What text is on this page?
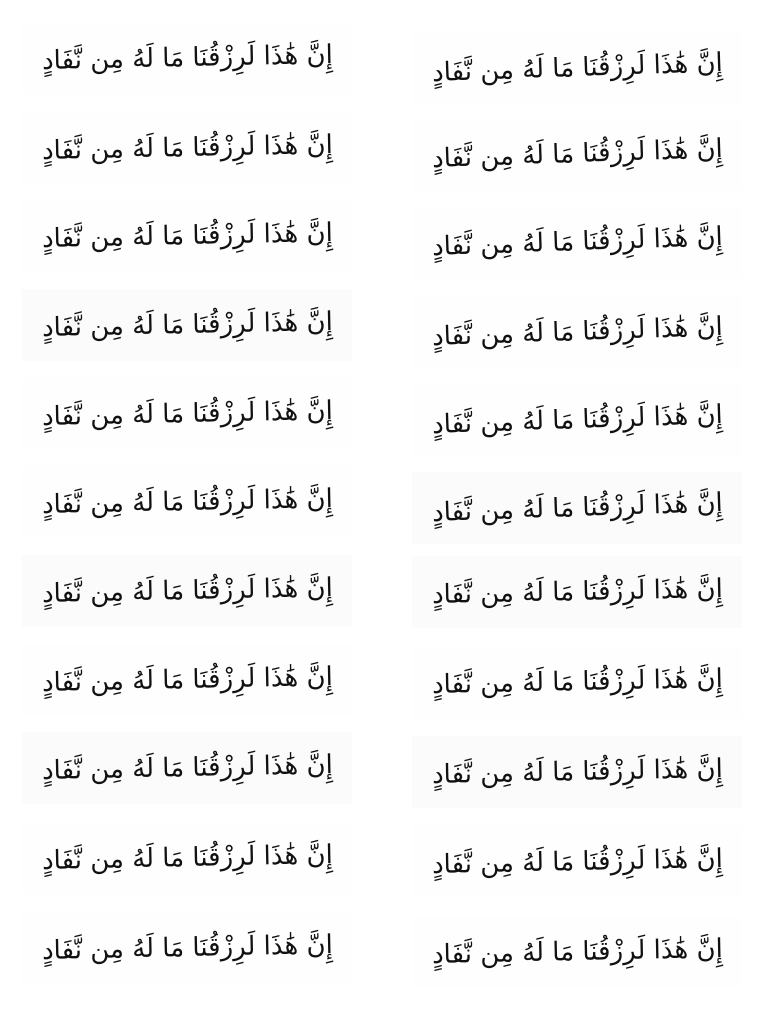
إِنَّ هَٰذَا لَرِزْقُنَا مَا لَهُ مِن نَّفَادٍ
إِنَّ هَٰذَا لَرِزْقُنَا مَا لَهُ مِن نَّفَادٍ
إِنَّ هَٰذَا لَرِزْقُنَا مَا لَهُ مِن نَّفَادٍ
إِنَّ هَٰذَا لَرِزْقُنَا مَا لَهُ مِن نَّفَادٍ
إِنَّ هَٰذَا لَرِزْقُنَا مَا لَهُ مِن نَّفَادٍ
إِنَّ هَٰذَا لَرِزْقُنَا مَا لَهُ مِن نَّفَادٍ
إِنَّ هَٰذَا لَرِزْقُنَا مَا لَهُ مِن نَّفَادٍ
إِنَّ هَٰذَا لَرِزْقُنَا مَا لَهُ مِن نَّفَادٍ
إِنَّ هَٰذَا لَرِزْقُنَا مَا لَهُ مِن نَّفَادٍ
إِنَّ هَٰذَا لَرِزْقُنَا مَا لَهُ مِن نَّفَادٍ
إِنَّ هَٰذَا لَرِزْقُنَا مَا لَهُ مِن نَّفَادٍ
إِنَّ هَٰذَا لَرِزْقُنَا مَا لَهُ مِن نَّفَادٍ
إِنَّ هَٰذَا لَرِزْقُنَا مَا لَهُ مِن نَّفَادٍ
إِنَّ هَٰذَا لَرِزْقُنَا مَا لَهُ مِن نَّفَادٍ
إِنَّ هَٰذَا لَرِزْقُنَا مَا لَهُ مِن نَّفَادٍ
إِنَّ هَٰذَا لَرِزْقُنَا مَا لَهُ مِن نَّفَادٍ
إِنَّ هَٰذَا لَرِزْقُنَا مَا لَهُ مِن نَّفَادٍ
إِنَّ هَٰذَا لَرِزْقُنَا مَا لَهُ مِن نَّفَادٍ
إِنَّ هَٰذَا لَرِزْقُنَا مَا لَهُ مِن نَّفَادٍ
إِنَّ هَٰذَا لَرِزْقُنَا مَا لَهُ مِن نَّفَادٍ
إِنَّ هَٰذَا لَرِزْقُنَا مَا لَهُ مِن نَّفَادٍ
إِنَّ هَٰذَا لَرِزْقُنَا مَا لَهُ مِن نَّفَادٍ
